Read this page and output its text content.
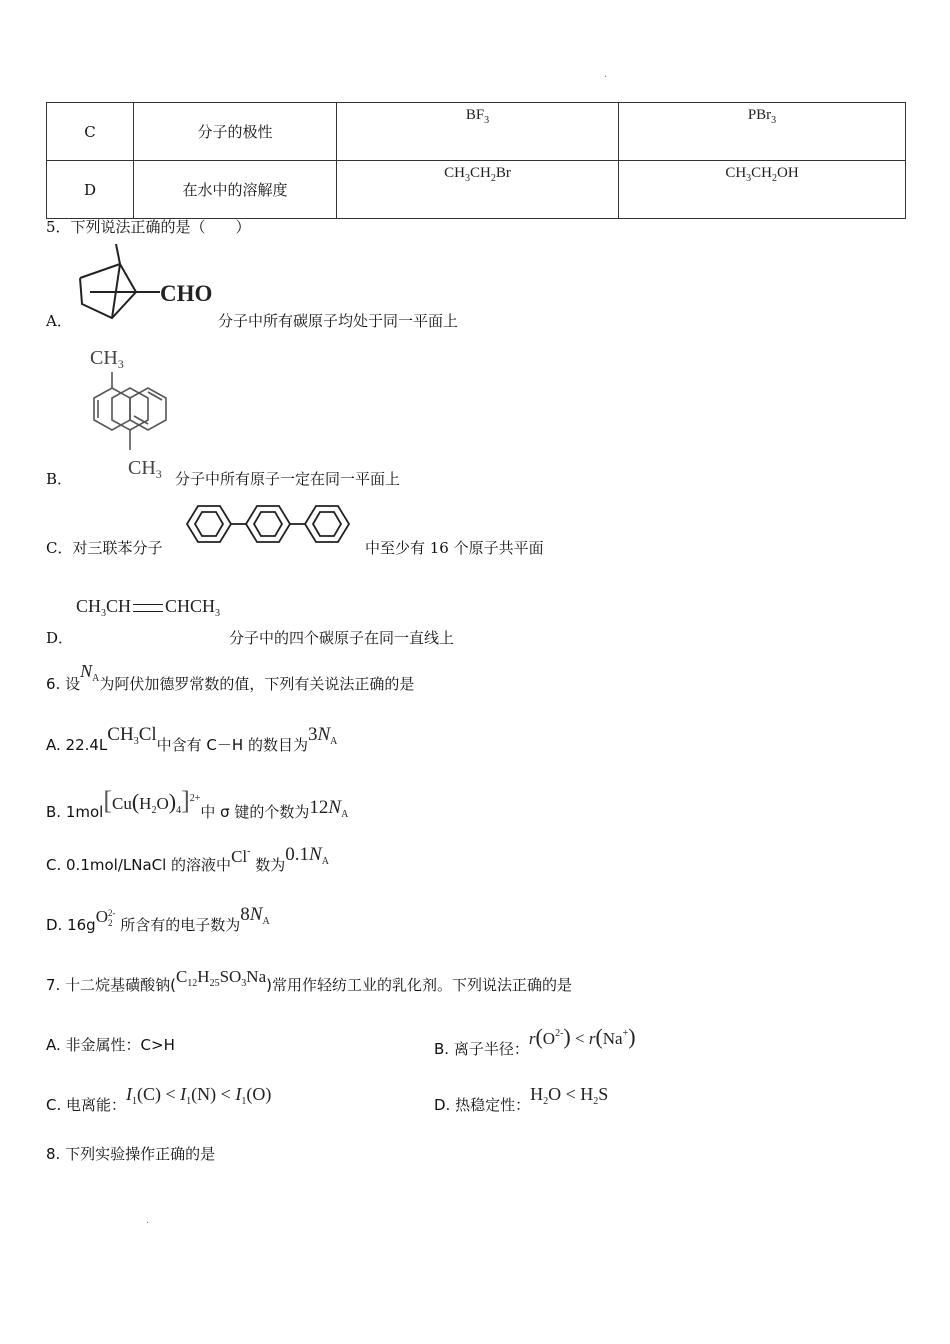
·
·
C	分子的极性	$BF_3$	PBr$_3$
D	在水中的溶解度	$CH_3CH_2Br$	$CH_3CH_2OH$
5．下列说法正确的是（　　）
A．
CHO
分子中所有碳原子均处于同一平面上
$CH_3$
$CH_3$
B．	分子中所有原子一定在同一平面上
C．对三联苯分子	中至少有 16 个原子共平面
$CH_3CH$ $CHCH_3$
D．	分子中的四个碳原子在同一直线上
6. 设$N_A$为阿伏加德罗常数的值，下列有关说法正确的是
A. $22.4LCH_3Cl$中含有 C－H 的数目为$3N_A$
B. $1mol[Cu(H_2O)_4]^{2+}$中 σ 键的个数为$12N_A$
C. 0.1mol/LNaCl 的溶液中Cl- 数为$0.1N_A$
D. 16gO 2-
2 所含有的电子数为$8N_A$
7. 十二烷基磺酸钠$(C_{12}H_{25}SO_3Na)$常用作轻纺工业的乳化剂。下列说法正确的是
A. 非金属性：C>H	B. 离子半径：$r(O^{2-}) < r(Na^+)$
C. 电离能：$I_1(C) < I_1(N) < I_1(O)$
D. 热稳定性：$H_2O < H_2S$
8. 下列实验操作正确的是
